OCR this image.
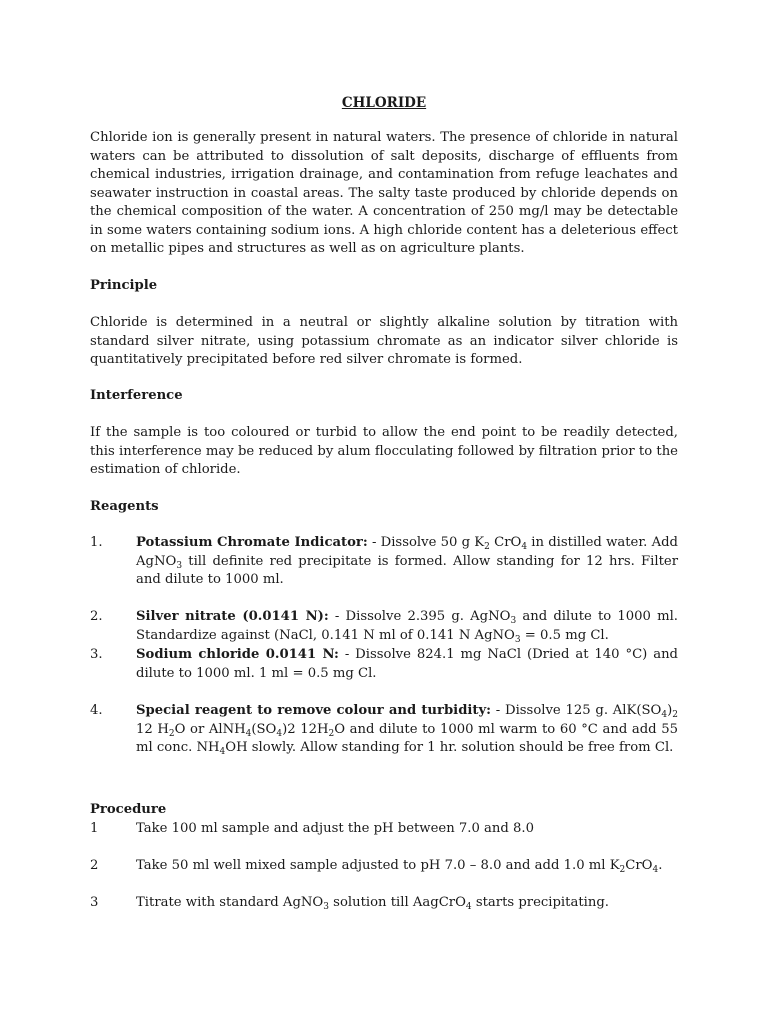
CHLORIDE

Chloride ion is generally present in natural waters. The presence of chloride in natural waters can be attributed to dissolution of salt deposits, discharge of effluents from chemical industries, irrigation drainage, and contamination from refuge leachates and seawater instruction in coastal areas. The salty taste produced by chloride depends on the chemical composition of the water. A concentration of 250 mg/l may be detectable in some waters containing sodium ions. A high chloride content has a deleterious effect on metallic pipes and structures as well as on agriculture plants.

Principle

Chloride is determined in a neutral or slightly alkaline solution by titration with standard silver nitrate, using potassium chromate as an indicator silver chloride is quantitatively precipitated before red silver chromate is formed.

Interference

If the sample is too coloured or turbid to allow the end point to be readily detected, this interference may be reduced by alum flocculating followed by filtration prior to the estimation of chloride.

Reagents
1.	Potassium Chromate Indicator: - Dissolve 50 g $K_2$ CrO$_4$ in distilled water. Add AgNO$_3$ till definite red precipitate is formed. Allow standing for 12 hrs. Filter and dilute to 1000 ml.
2.	Silver nitrate (0.0141 N): - Dissolve 2.395 g. AgNO$_3$ and dilute to 1000 ml. Standardize against (NaCl, 0.141 N ml of 0.141 N AgNO$_3$ = 0.5 mg Cl.
3.	Sodium chloride 0.0141 N: - Dissolve 824.1 mg NaCl (Dried at 140 °C) and dilute to 1000 ml. 1 ml = 0.5 mg Cl.
4.	Special reagent to remove colour and turbidity: - Dissolve 125 g. $AlK(SO_4)_2$ 12 $H_2O$ or $AlNH_4(SO_4)2$ $12H_2O$ and dilute to 1000 ml warm to 60 °C and add 55 ml conc. $NH_4OH$ slowly. Allow standing for 1 hr. solution should be free from Cl.
Procedure
1	Take 100 ml sample and adjust the pH between 7.0 and 8.0
2	Take 50 ml well mixed sample adjusted to pH 7.0 – 8.0 and add 1.0 ml $K_2CrO_4$.
3	Titrate with standard AgNO$_3$ solution till AagCrO$_4$ starts precipitating.
